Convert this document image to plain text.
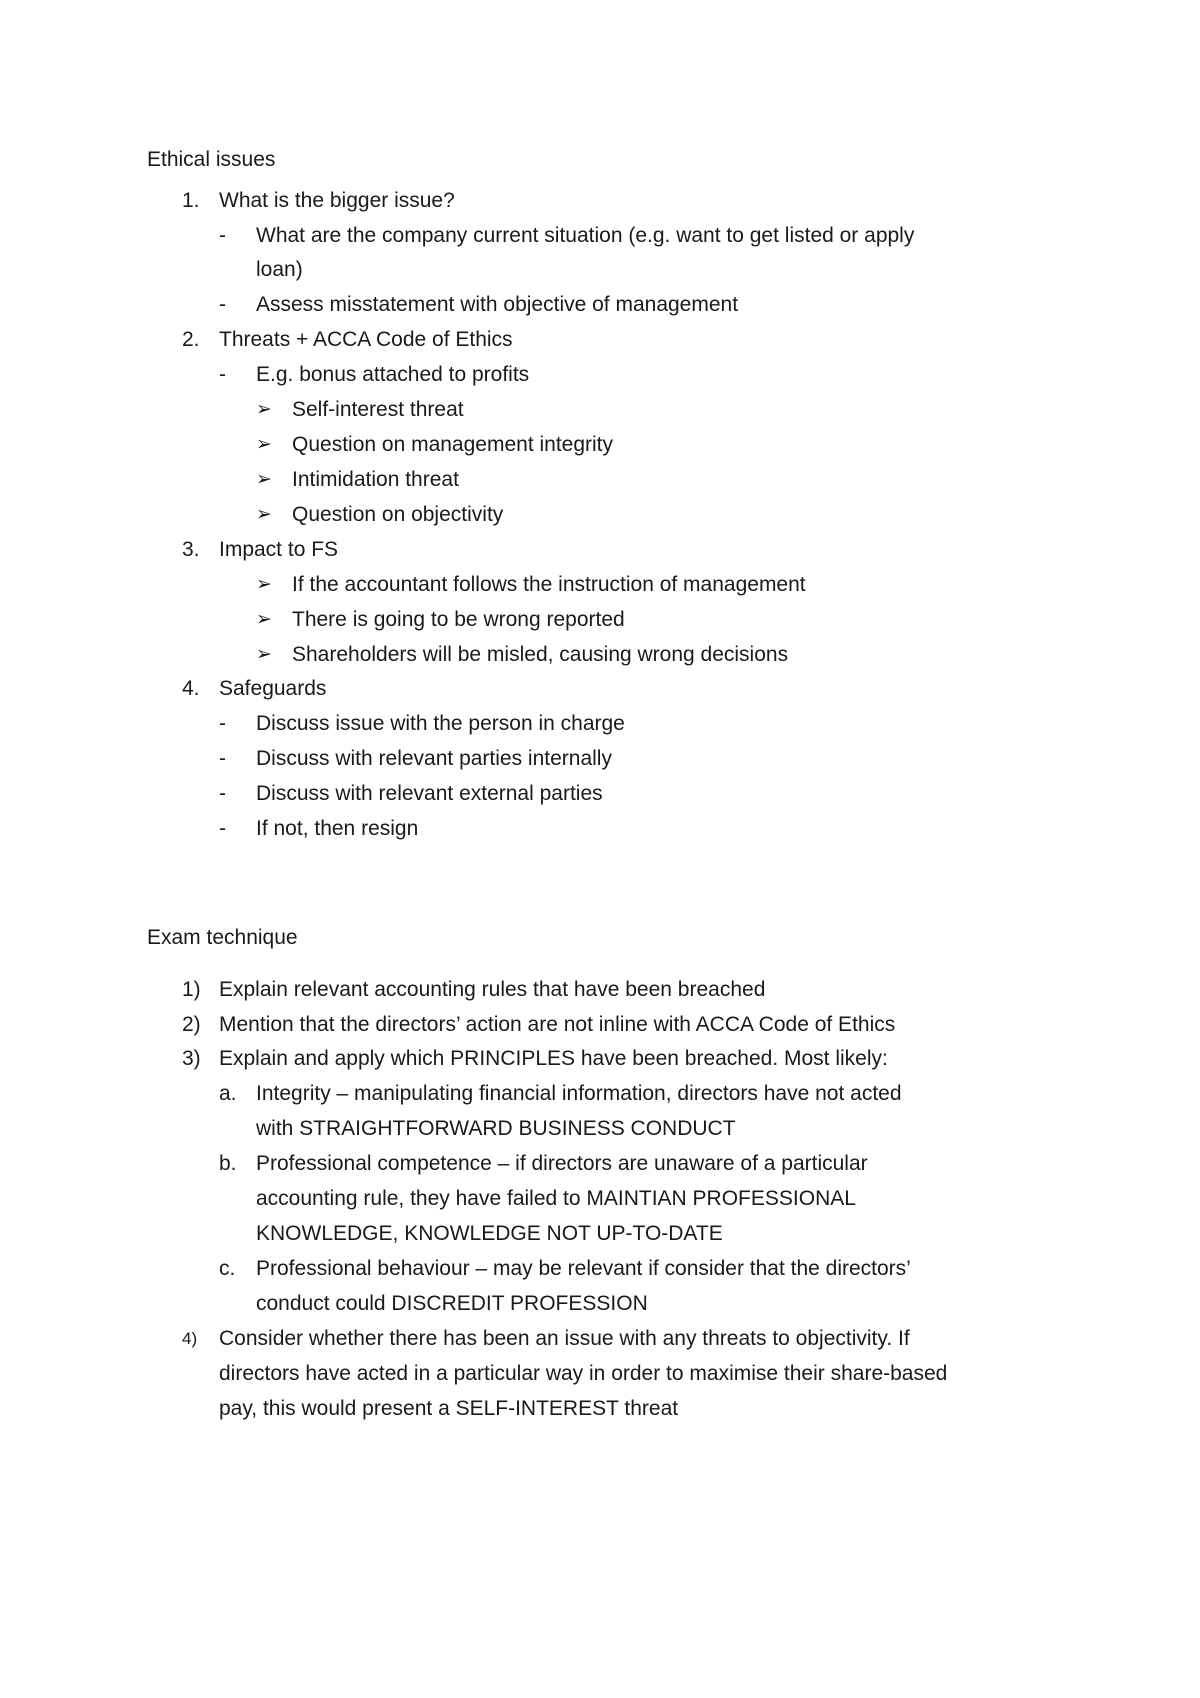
Ethical issues
1. What is the bigger issue?
- What are the company current situation (e.g. want to get listed or apply
loan)
- Assess misstatement with objective of management
2. Threats + ACCA Code of Ethics
- E.g. bonus attached to profits
➢ Self-interest threat
➢ Question on management integrity
➢ Intimidation threat
➢ Question on objectivity
3. Impact to FS
➢ If the accountant follows the instruction of management
➢ There is going to be wrong reported
➢ Shareholders will be misled, causing wrong decisions
4. Safeguards
- Discuss issue with the person in charge
- Discuss with relevant parties internally
- Discuss with relevant external parties
- If not, then resign
Exam technique
1) Explain relevant accounting rules that have been breached
2) Mention that the directors’ action are not inline with ACCA Code of Ethics
3) Explain and apply which PRINCIPLES have been breached. Most likely:
a. Integrity – manipulating financial information, directors have not acted
with STRAIGHTFORWARD BUSINESS CONDUCT
b. Professional competence – if directors are unaware of a particular
accounting rule, they have failed to MAINTIAN PROFESSIONAL
KNOWLEDGE, KNOWLEDGE NOT UP-TO-DATE
c. Professional behaviour – may be relevant if consider that the directors’
conduct could DISCREDIT PROFESSION
4) Consider whether there has been an issue with any threats to objectivity. If
directors have acted in a particular way in order to maximise their share-based
pay, this would present a SELF-INTEREST threat
